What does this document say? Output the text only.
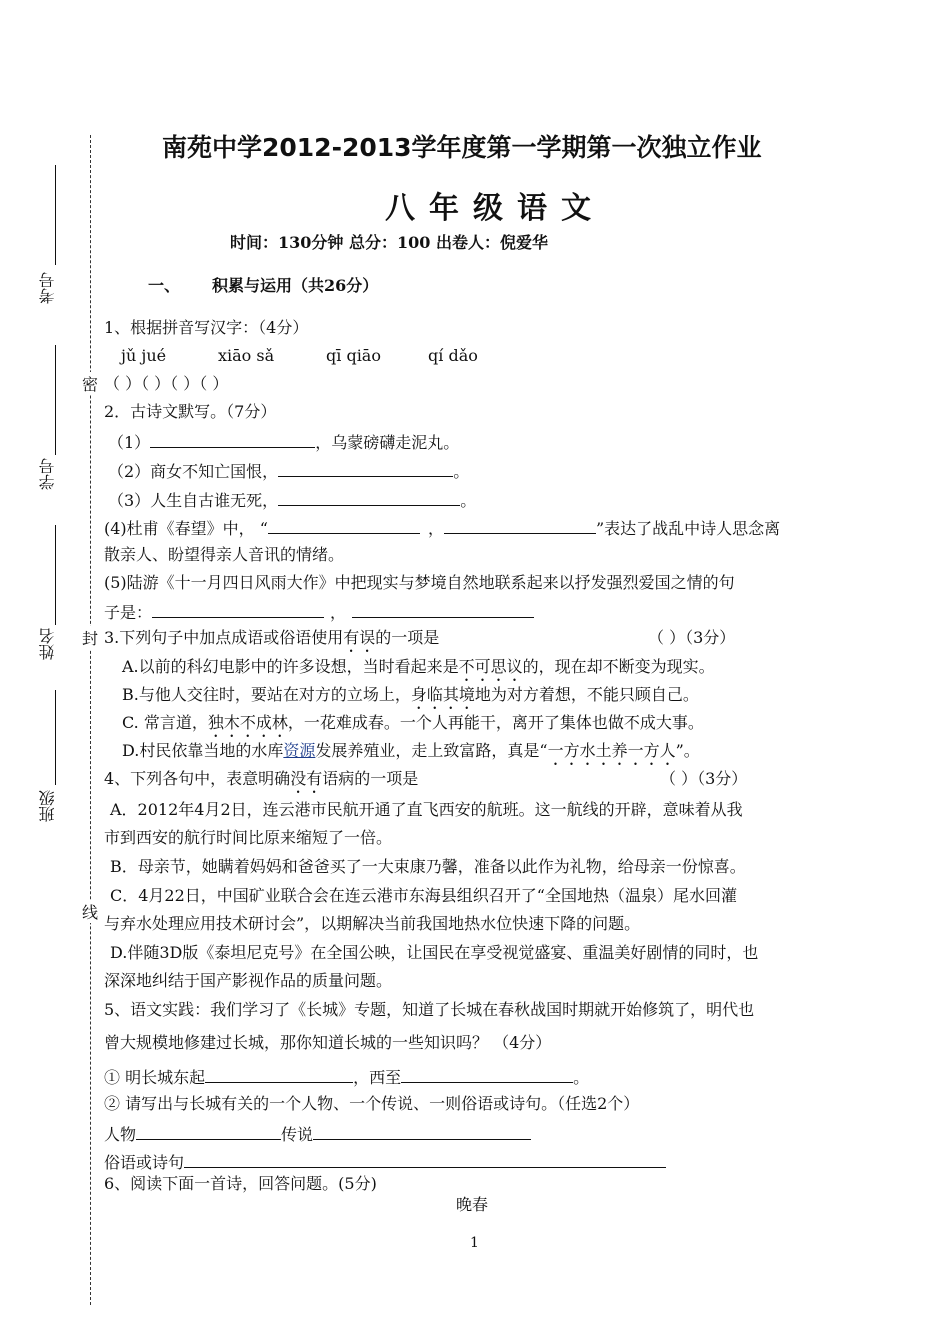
考号
学号
姓名
班级
密
封
线
南苑中学2012-2013学年度第一学期第一次独立作业
八年级语文
时间：130分钟 总分：100 出卷人：倪爱华
一、 积累与运用（共26分）
1、根据拼音写汉字：（4分）
jǔ jué	xiāo sǎ	qī qiāo	qí dǎo
（ ）（ ）（ ）（ ）
2．古诗文默写。（7分）
（1）	，乌蒙磅礴走泥丸。
（2）商女不知亡国恨，	。
（3）人生自古谁无死，	。
(4)杜甫《春望》中， “	，	”表达了战乱中诗人思念离
散亲人、盼望得亲人音讯的情绪。
(5)陆游《十一月四日风雨大作》中把现实与梦境自然地联系起来以抒发强烈爱国之情的句
子是：	，
3.下列句子中加点成语或俗语使用有误的一项是	（ ）（3分）
A.以前的科幻电影中的许多设想，当时看起来是不可思议的，现在却不断变为现实。
B.与他人交往时，要站在对方的立场上，身临其境地为对方着想，不能只顾自己。
C. 常言道，独木不成林，一花难成春。一个人再能干，离开了集体也做不成大事。
D.村民依靠当地的水库资源发展养殖业，走上致富路，真是“一方水土养一方人”。
4、下列各句中，表意明确没有语病的一项是	（ ）（3分）
A．2012年4月2日，连云港市民航开通了直飞西安的航班。这一航线的开辟，意味着从我
市到西安的航行时间比原来缩短了一倍。
B．母亲节，她瞒着妈妈和爸爸买了一大束康乃馨，准备以此作为礼物，给母亲一份惊喜。
C．4月22日，中国矿业联合会在连云港市东海县组织召开了“全国地热（温泉）尾水回灌
与弃水处理应用技术研讨会”，以期解决当前我国地热水位快速下降的问题。
D.伴随3D版《泰坦尼克号》在全国公映，让国民在享受视觉盛宴、重温美好剧情的同时，也
深深地纠结于国产影视作品的质量问题。
5、语文实践：我们学习了《长城》专题，知道了长城在春秋战国时期就开始修筑了，明代也
曾大规模地修建过长城，那你知道长城的一些知识吗？ （4分）
① 明长城东起	，西至	。
② 请写出与长城有关的一个人物、一个传说、一则俗语或诗句。（任选2个）
人物	传说
俗语或诗句
6、阅读下面一首诗，回答问题。(5分)
晚春
1
